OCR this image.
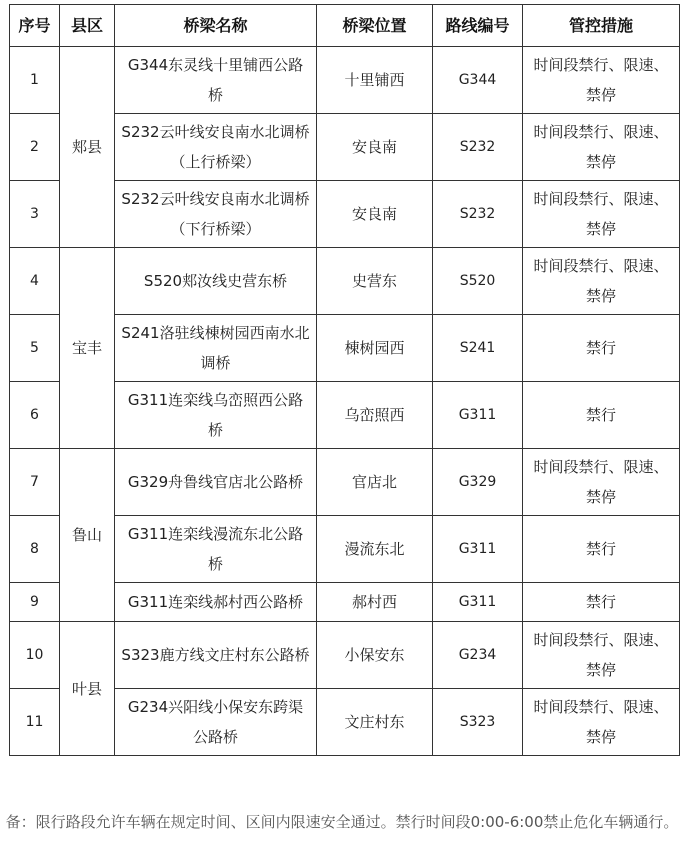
序号	县区	桥梁名称	桥梁位置	路线编号	管控措施
1	郏县	G344东灵线十里铺西公路桥	十里铺西	G344	时间段禁行、限速、禁停
2		S232云叶线安良南水北调桥（上行桥梁）	安良南	S232	时间段禁行、限速、禁停
3		S232云叶线安良南水北调桥（下行桥梁）	安良南	S232	时间段禁行、限速、禁停
4	宝丰	S520郏汝线史营东桥	史营东	S520	时间段禁行、限速、禁停
5		S241洛驻线棟树园西南水北调桥	棟树园西	S241	禁行
6		G311连栾线乌峦照西公路桥	乌峦照西	G311	禁行
7	鲁山	G329舟鲁线官店北公路桥	官店北	G329	时间段禁行、限速、禁停
8		G311连栾线漫流东北公路桥	漫流东北	G311	禁行
9		G311连栾线郝村西公路桥	郝村西	G311	禁行
10	叶县	S323鹿方线文庄村东公路桥	小保安东	G234	时间段禁行、限速、禁停
11		G234兴阳线小保安东跨渠公路桥	文庄村东	S323	时间段禁行、限速、禁停
备：限行路段允许车辆在规定时间、区间内限速安全通过。禁行时间段0:00-6:00禁止危化车辆通行。
